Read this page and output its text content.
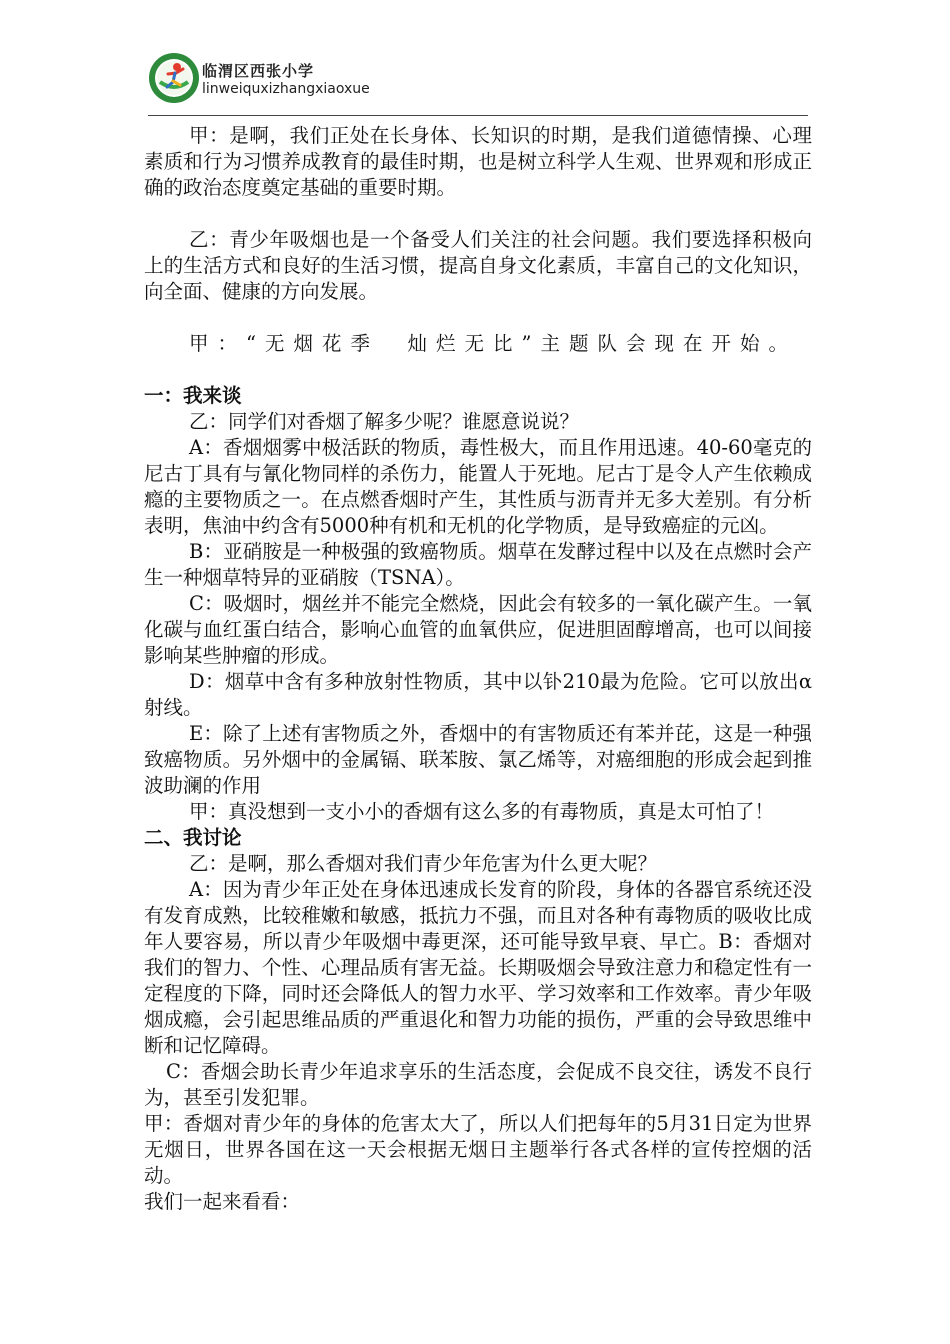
临渭区西张小学
linweiquxizhangxiaoxue

甲：是啊，我们正处在长身体、长知识的时期，是我们道德情操、心理素质和行为习惯养成教育的最佳时期，也是树立科学人生观、世界观和形成正确的政治态度奠定基础的重要时期。

乙：青少年吸烟也是一个备受人们关注的社会问题。我们要选择积极向上的生活方式和良好的生活习惯，提高自身文化素质，丰富自己的文化知识，向全面、健康的方向发展。

甲：“无烟花季　灿烂无比”主题队会现在开始。

一：我来谈

乙：同学们对香烟了解多少呢？谁愿意说说？

A：香烟烟雾中极活跃的物质，毒性极大，而且作用迅速。40-60毫克的尼古丁具有与氰化物同样的杀伤力，能置人于死地。尼古丁是令人产生依赖成瘾的主要物质之一。在点燃香烟时产生，其性质与沥青并无多大差别。有分析表明，焦油中约含有5000种有机和无机的化学物质，是导致癌症的元凶。

B：亚硝胺是一种极强的致癌物质。烟草在发酵过程中以及在点燃时会产生一种烟草特异的亚硝胺（TSNA）。

C：吸烟时，烟丝并不能完全燃烧，因此会有较多的一氧化碳产生。一氧化碳与血红蛋白结合，影响心血管的血氧供应，促进胆固醇增高，也可以间接影响某些肿瘤的形成。

D：烟草中含有多种放射性物质，其中以钋210最为危险。它可以放出α射线。

E：除了上述有害物质之外，香烟中的有害物质还有苯并芘，这是一种强致癌物质。另外烟中的金属镉、联苯胺、氯乙烯等，对癌细胞的形成会起到推波助澜的作用

甲：真没想到一支小小的香烟有这么多的有毒物质，真是太可怕了！

二、我讨论

乙：是啊，那么香烟对我们青少年危害为什么更大呢？

A：因为青少年正处在身体迅速成长发育的阶段，身体的各器官系统还没有发育成熟，比较稚嫩和敏感，抵抗力不强，而且对各种有毒物质的吸收比成年人要容易，所以青少年吸烟中毒更深，还可能导致早衰、早亡。B：香烟对我们的智力、个性、心理品质有害无益。长期吸烟会导致注意力和稳定性有一定程度的下降，同时还会降低人的智力水平、学习效率和工作效率。青少年吸烟成瘾，会引起思维品质的严重退化和智力功能的损伤，严重的会导致思维中断和记忆障碍。

C：香烟会助长青少年追求享乐的生活态度，会促成不良交往，诱发不良行为，甚至引发犯罪。

甲：香烟对青少年的身体的危害太大了，所以人们把每年的5月31日定为世界无烟日，世界各国在这一天会根据无烟日主题举行各式各样的宣传控烟的活动。

我们一起来看看：
